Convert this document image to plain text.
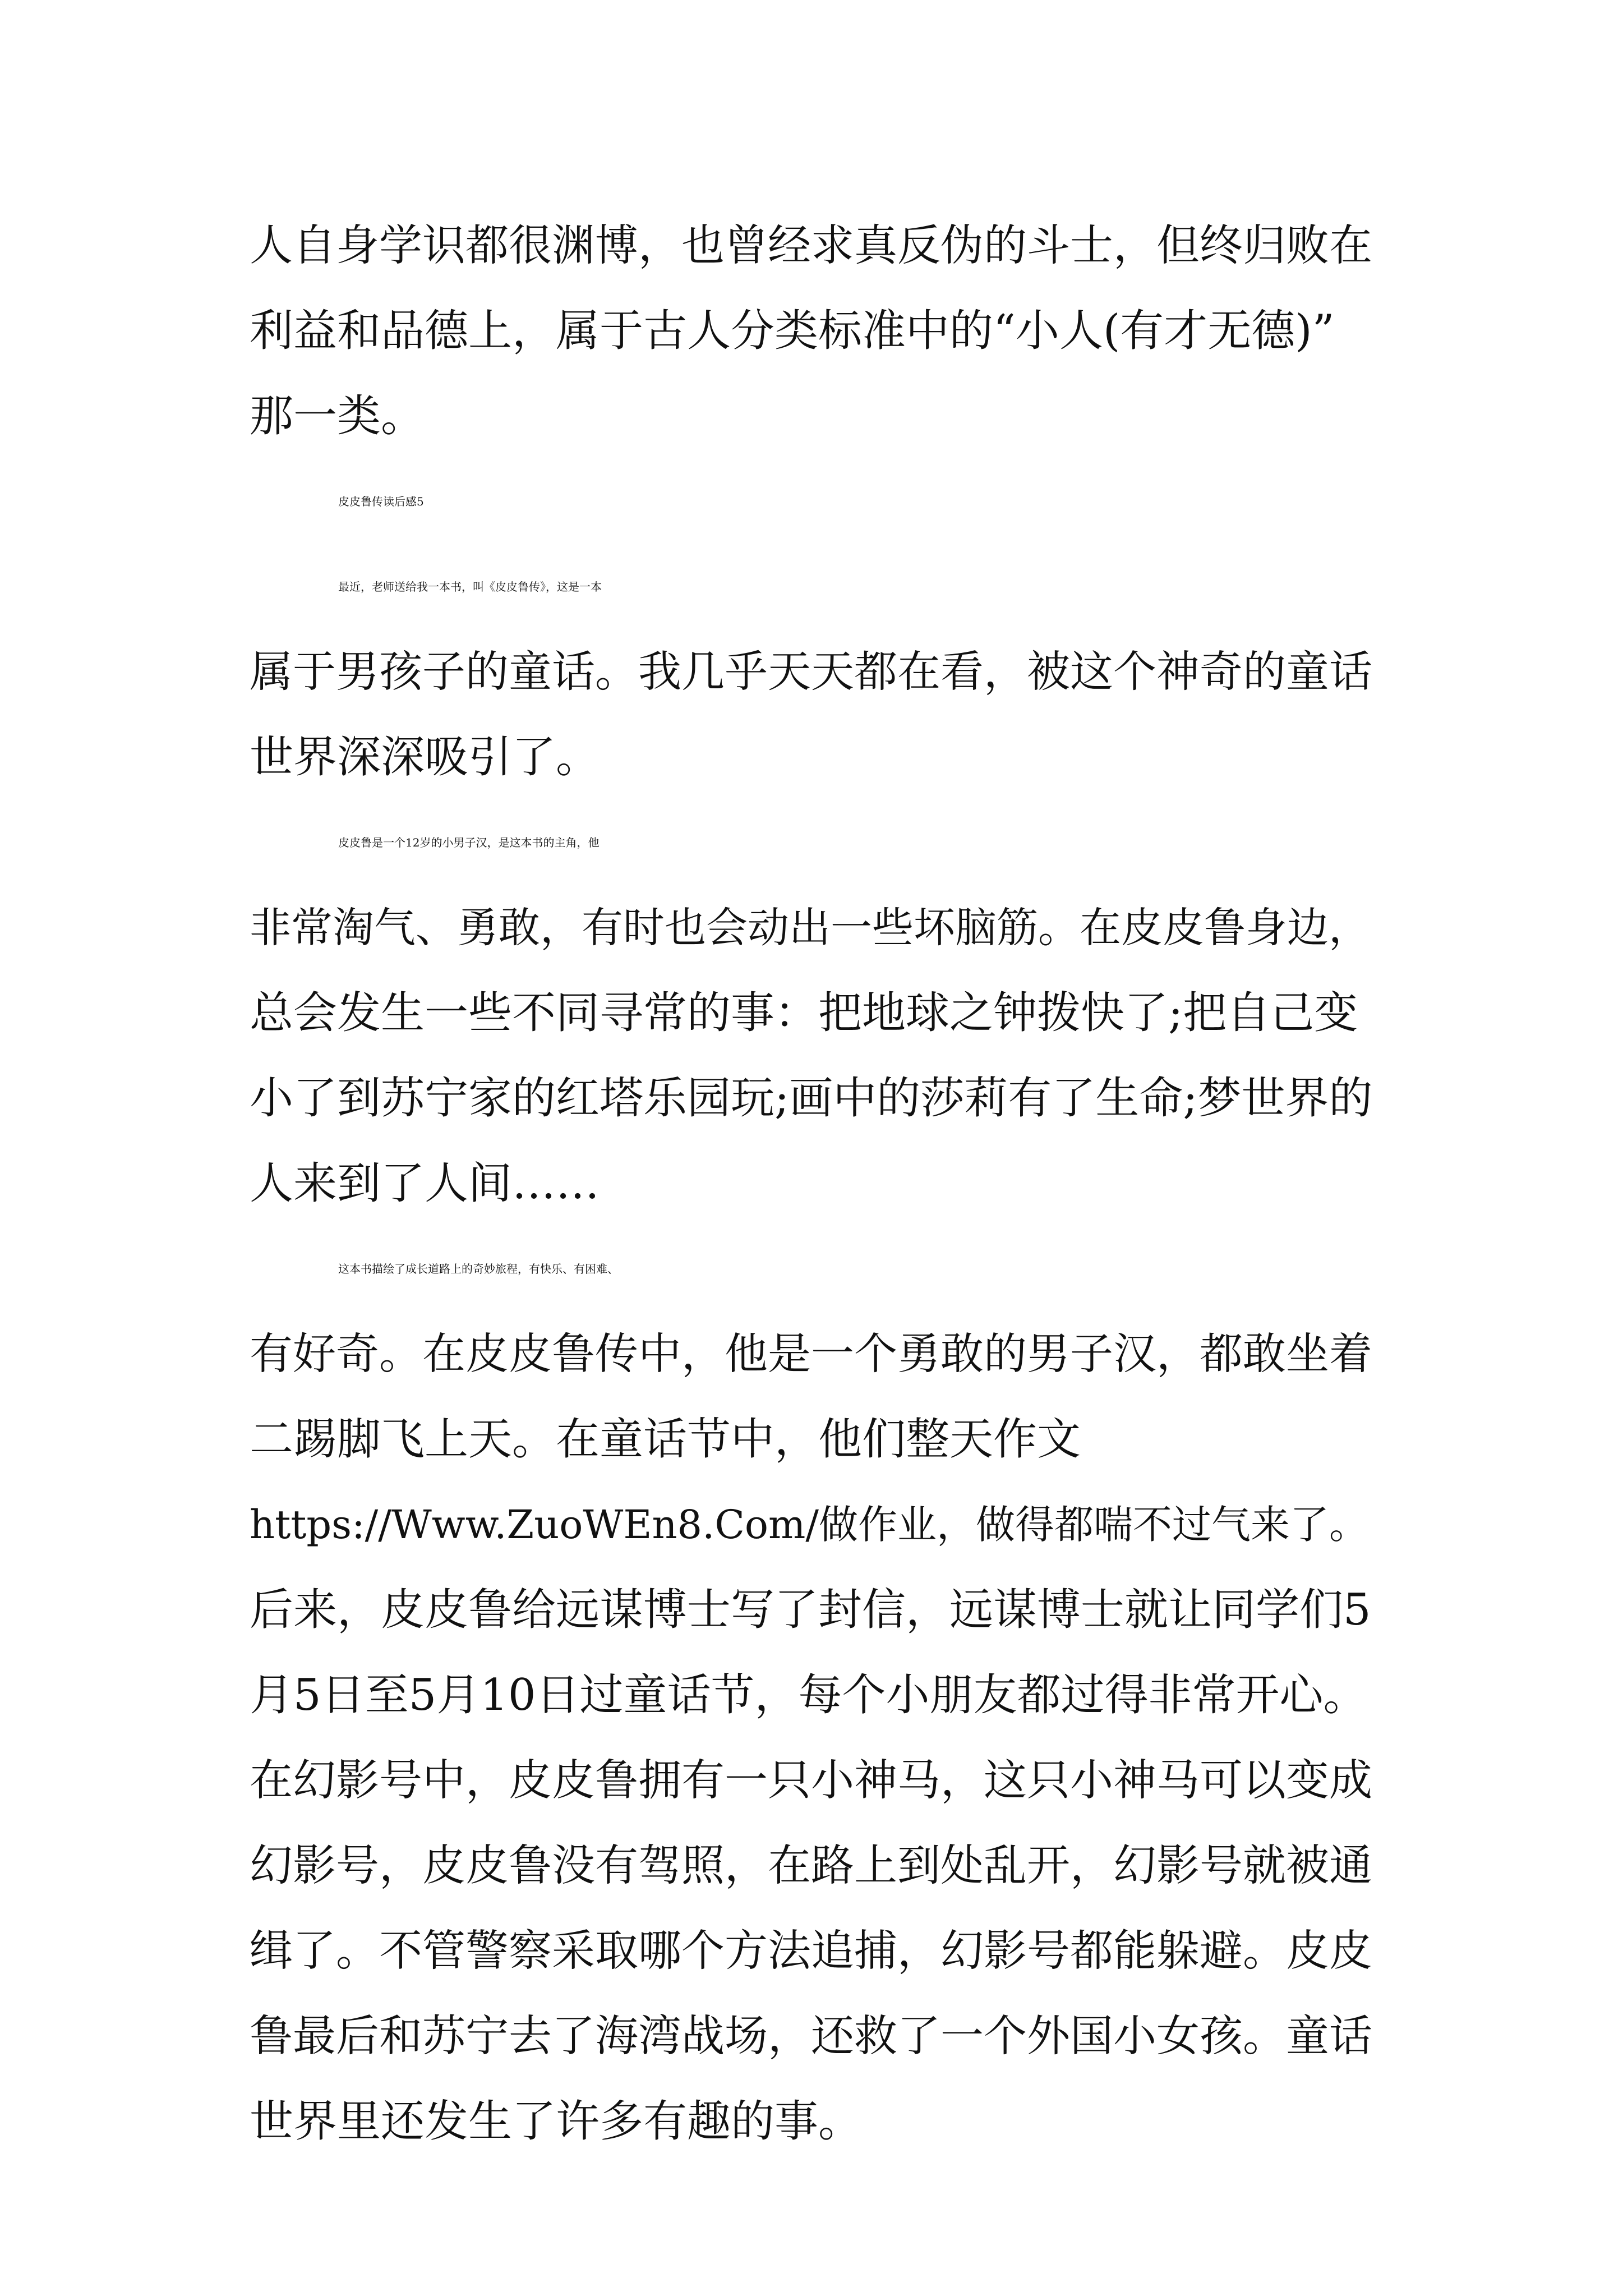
人自身学识都很渊博，也曾经求真反伪的斗士，但终归败在
利益和品德上，属于古人分类标准中的“小人(有才无德)”
那一类。
皮皮鲁传读后感5
最近，老师送给我一本书，叫《皮皮鲁传》，这是一本
属于男孩子的童话。我几乎天天都在看，被这个神奇的童话
世界深深吸引了。
皮皮鲁是一个12岁的小男子汉，是这本书的主角，他
非常淘气、勇敢，有时也会动出一些坏脑筋。在皮皮鲁身边，
总会发生一些不同寻常的事：把地球之钟拨快了;把自己变
小了到苏宁家的红塔乐园玩;画中的莎莉有了生命;梦世界的
人来到了人间……
这本书描绘了成长道路上的奇妙旅程，有快乐、有困难、
有好奇。在皮皮鲁传中，他是一个勇敢的男子汉，都敢坐着
二踢脚飞上天。在童话节中，他们整天作文
https://Www.ZuoWEn8.Com/做作业，做得都喘不过气来了。
后来，皮皮鲁给远谋博士写了封信，远谋博士就让同学们5
月5日至5月10日过童话节，每个小朋友都过得非常开心。
在幻影号中，皮皮鲁拥有一只小神马，这只小神马可以变成
幻影号，皮皮鲁没有驾照，在路上到处乱开，幻影号就被通
缉了。不管警察采取哪个方法追捕，幻影号都能躲避。皮皮
鲁最后和苏宁去了海湾战场，还救了一个外国小女孩。童话
世界里还发生了许多有趣的事。
